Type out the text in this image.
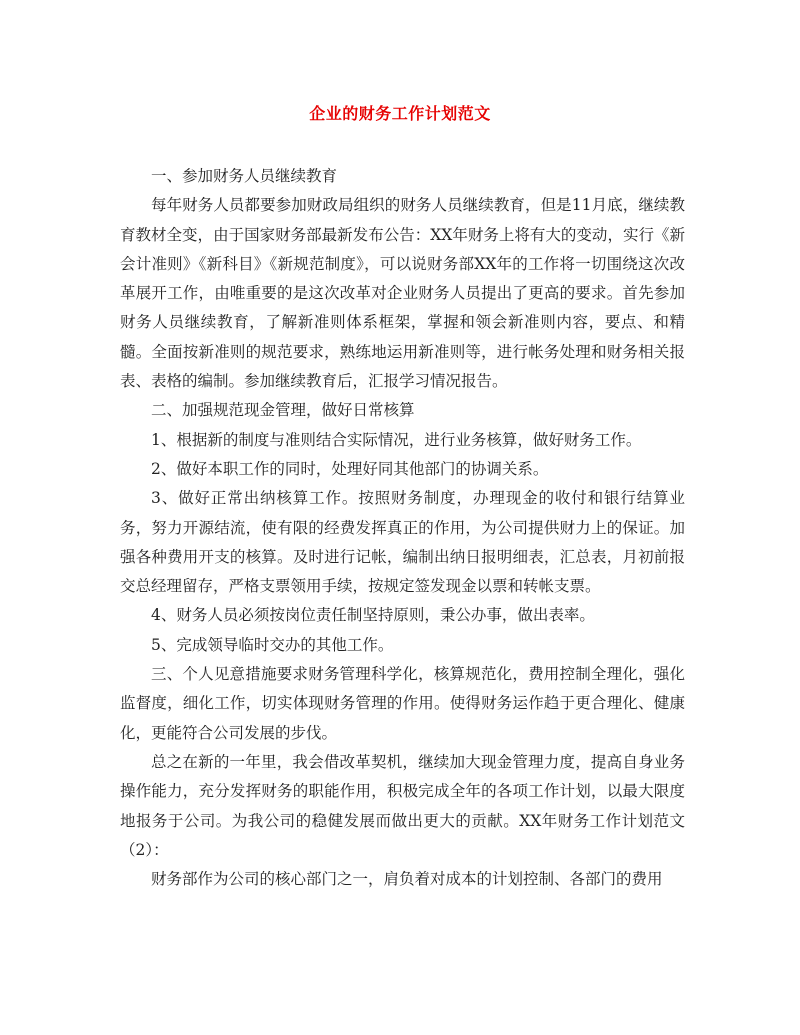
企业的财务工作计划范文

一、参加财务人员继续教育

每年财务人员都要参加财政局组织的财务人员继续教育，但是11月底，继续教育教材全变，由于国家财务部最新发布公告：XX年财务上将有大的变动，实行《新会计准则》《新科目》《新规范制度》，可以说财务部XX年的工作将一切围绕这次改革展开工作，由唯重要的是这次改革对企业财务人员提出了更高的要求。首先参加财务人员继续教育，了解新准则体系框架，掌握和领会新准则内容，要点、和精髓。全面按新准则的规范要求，熟练地运用新准则等，进行帐务处理和财务相关报表、表格的编制。参加继续教育后，汇报学习情况报告。

二、加强规范现金管理，做好日常核算

1、根据新的制度与准则结合实际情况，进行业务核算，做好财务工作。

2、做好本职工作的同时，处理好同其他部门的协调关系。

3、做好正常出纳核算工作。按照财务制度，办理现金的收付和银行结算业务，努力开源结流，使有限的经费发挥真正的作用，为公司提供财力上的保证。加强各种费用开支的核算。及时进行记帐，编制出纳日报明细表，汇总表，月初前报交总经理留存，严格支票领用手续，按规定签发现金以票和转帐支票。

4、财务人员必须按岗位责任制坚持原则，秉公办事，做出表率。

5、完成领导临时交办的其他工作。

三、个人见意措施要求财务管理科学化，核算规范化，费用控制全理化，强化监督度，细化工作，切实体现财务管理的作用。使得财务运作趋于更合理化、健康化，更能符合公司发展的步伐。

总之在新的一年里，我会借改革契机，继续加大现金管理力度，提高自身业务操作能力，充分发挥财务的职能作用，积极完成全年的各项工作计划，以最大限度地报务于公司。为我公司的稳健发展而做出更大的贡献。XX年财务工作计划范文（2）：

财务部作为公司的核心部门之一，肩负着对成本的计划控制、各部门的费用
